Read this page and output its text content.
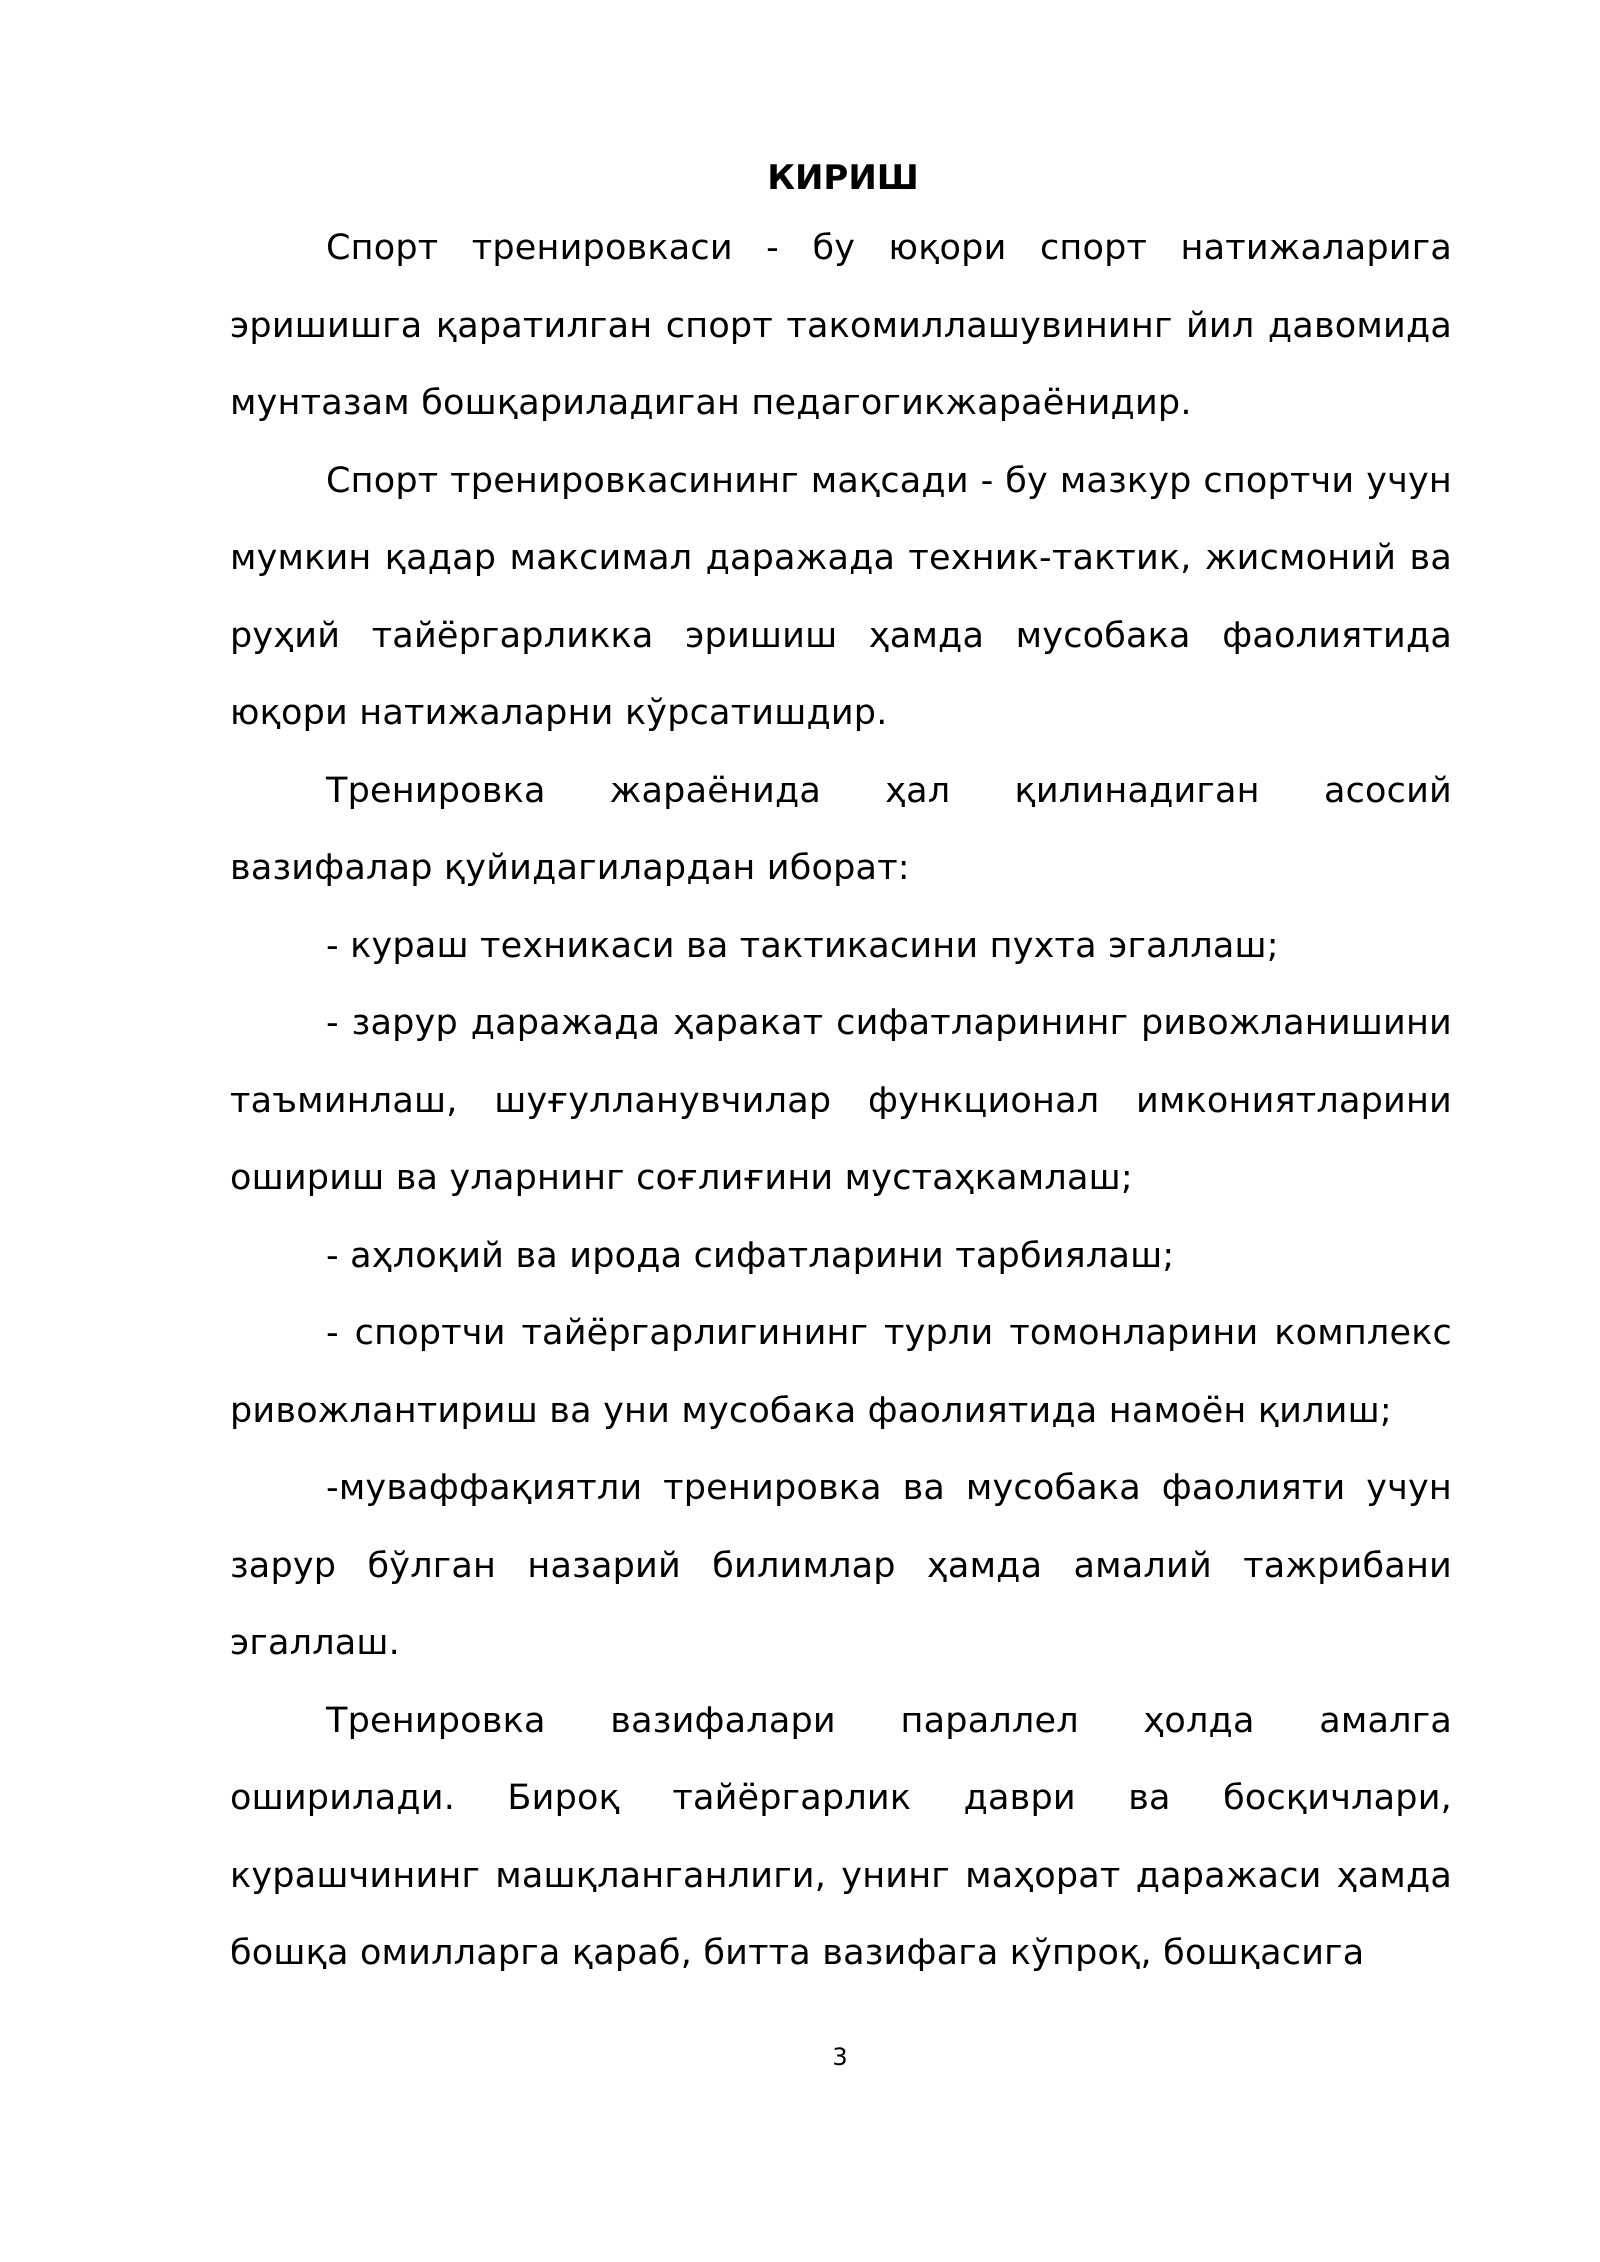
КИРИШ

Спорт тренировкаси - бу юқори спорт натижаларига эришишга қаратилган спорт такомиллашувининг йил давомида мунтазам бошқариладиган педагогикжараёнидир.

Спорт тренировкасининг мақсади - бу мазкур спортчи учун мумкин қадар максимал даражада техник-тактик, жисмоний ва руҳий тайёргарликка эришиш ҳамда мусобака фаолиятида юқори натижаларни кўрсатишдир.

Тренировка жараёнида ҳал қилинадиган асосий вазифалар қуйидагилардан иборат:

- кураш техникаси ва тактикасини пухта эгаллаш;

- зарур даражада ҳаракат сифатларининг ривожланишини таъминлаш, шуғулланувчилар функционал имкониятларини ошириш ва уларнинг соғлиғини мустаҳкамлаш;

- аҳлоқий ва ирода сифатларини тарбиялаш;

- спортчи тайёргарлигининг турли томонларини комплекс ривожлантириш ва уни мусобака фаолиятида намоён қилиш;

-муваффақиятли тренировка ва мусобака фаолияти учун зарур бўлган назарий билимлар ҳамда амалий тажрибани эгаллаш.

Тренировка вазифалари параллел ҳолда амалга оширилади. Бироқ тайёргарлик даври ва босқичлари, курашчининг машқланганлиги, унинг маҳорат даражаси ҳамда бошқа омилларга қараб, битта вазифага кўпроқ, бошқасига

3
